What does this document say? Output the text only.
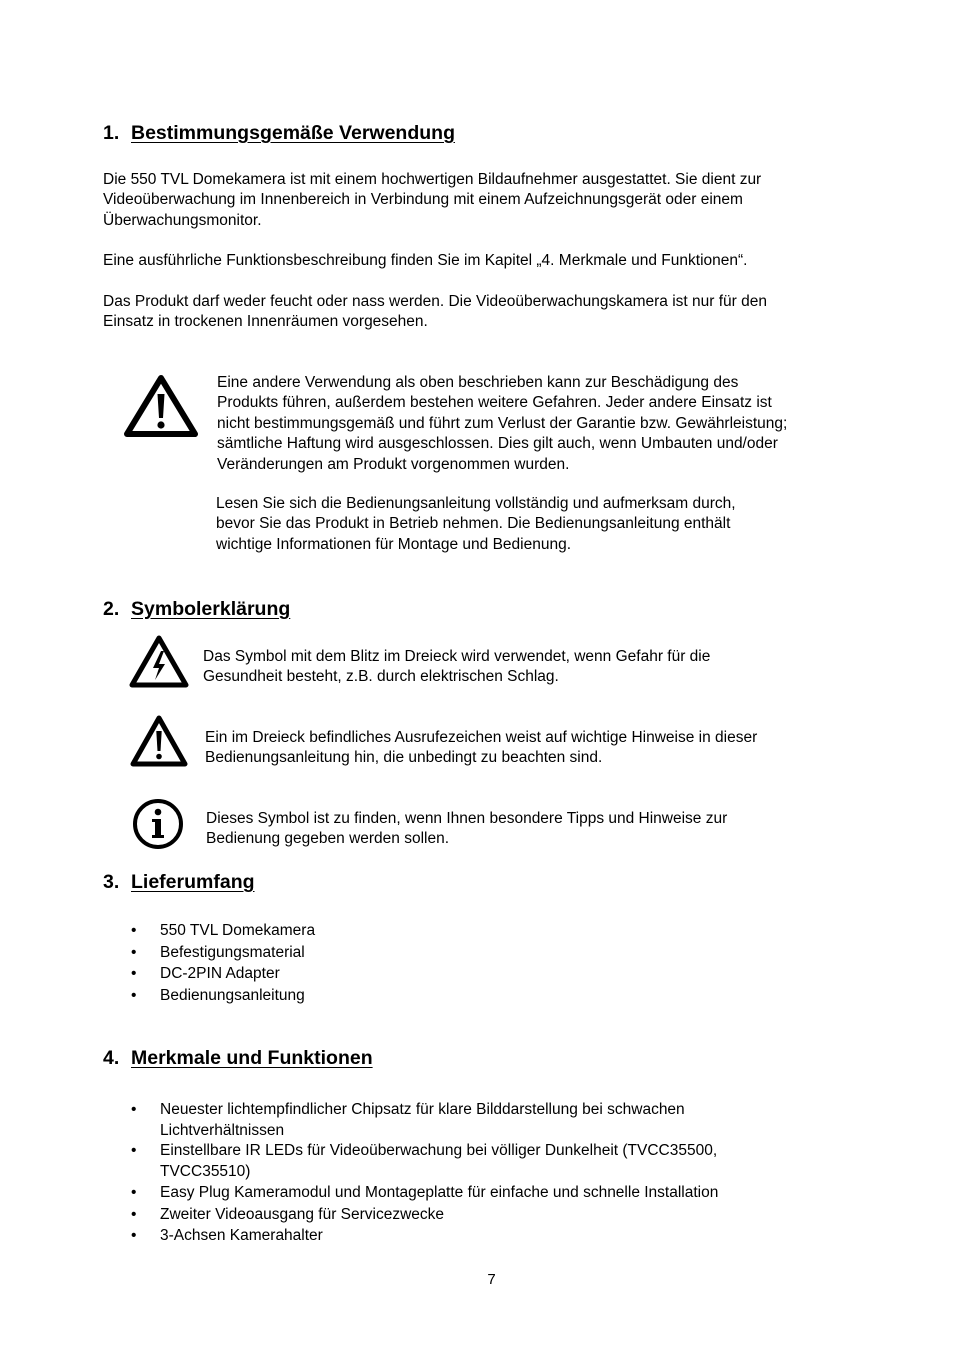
1. Bestimmungsgemäße Verwendung

Die 550 TVL Domekamera ist mit einem hochwertigen Bildaufnehmer ausgestattet. Sie dient zur
Videoüberwachung im Innenbereich in Verbindung mit einem Aufzeichnungsgerät oder einem
Überwachungsmonitor.

Eine ausführliche Funktionsbeschreibung finden Sie im Kapitel „4. Merkmale und Funktionen“.

Das Produkt darf weder feucht oder nass werden. Die Videoüberwachungskamera ist nur für den
Einsatz in trockenen Innenräumen vorgesehen.

Eine andere Verwendung als oben beschrieben kann zur Beschädigung des
Produkts führen, außerdem bestehen weitere Gefahren. Jeder andere Einsatz ist
nicht bestimmungsgemäß und führt zum Verlust der Garantie bzw. Gewährleistung;
sämtliche Haftung wird ausgeschlossen. Dies gilt auch, wenn Umbauten und/oder
Veränderungen am Produkt vorgenommen wurden.

Lesen Sie sich die Bedienungsanleitung vollständig und aufmerksam durch,
bevor Sie das Produkt in Betrieb nehmen. Die Bedienungsanleitung enthält
wichtige Informationen für Montage und Bedienung.

2. Symbolerklärung

Das Symbol mit dem Blitz im Dreieck wird verwendet, wenn Gefahr für die
Gesundheit besteht, z.B. durch elektrischen Schlag.

Ein im Dreieck befindliches Ausrufezeichen weist auf wichtige Hinweise in dieser
Bedienungsanleitung hin, die unbedingt zu beachten sind.

Dieses Symbol ist zu finden, wenn Ihnen besondere Tipps und Hinweise zur
Bedienung gegeben werden sollen.

3. Lieferumfang
• 550 TVL Domekamera
• Befestigungsmaterial
• DC-2PIN Adapter
• Bedienungsanleitung
4. Merkmale und Funktionen
• Neuester lichtempfindlicher Chipsatz für klare Bilddarstellung bei schwachen
Lichtverhältnissen
• Einstellbare IR LEDs für Videoüberwachung bei völliger Dunkelheit (TVCC35500,
TVCC35510)
• Easy Plug Kameramodul und Montageplatte für einfache und schnelle Installation
• Zweiter Videoausgang für Servicezwecke
• 3-Achsen Kamerahalter
7
